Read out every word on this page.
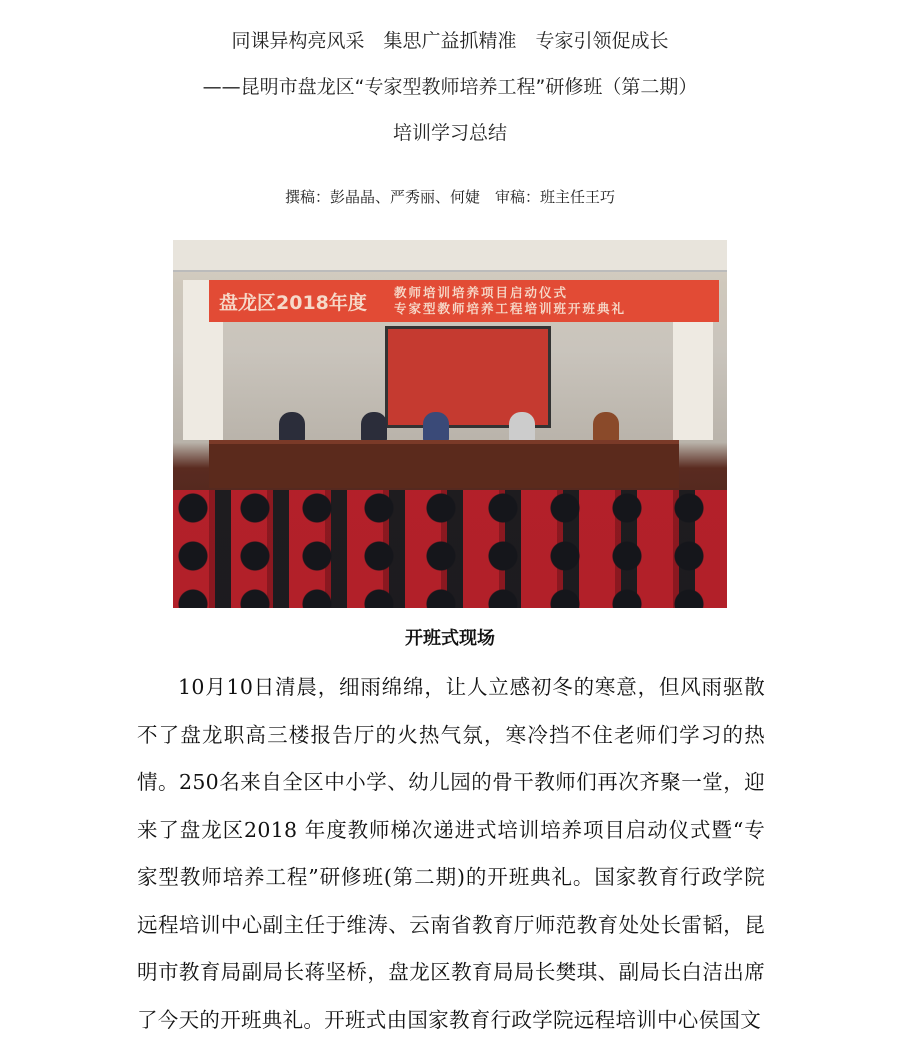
同课异构亮风采　集思广益抓精准　专家引领促成长
——昆明市盘龙区“专家型教师培养工程”研修班（第二期）
培训学习总结
撰稿：彭晶晶、严秀丽、何婕　审稿：班主任王巧
盘龙区2018年度	教师培训培养项目启动仪式
专家型教师培养工程培训班开班典礼
开班式现场
10月10日清晨，细雨绵绵，让人立感初冬的寒意，但风雨驱散不了盘龙职高三楼报告厅的火热气氛，寒冷挡不住老师们学习的热情。250名来自全区中小学、幼儿园的骨干教师们再次齐聚一堂，迎来了盘龙区2018 年度教师梯次递进式培训培养项目启动仪式暨“专家型教师培养工程”研修班(第二期)的开班典礼。国家教育行政学院远程培训中心副主任于维涛、云南省教育厅师范教育处处长雷韬，昆明市教育局副局长蒋坚桥，盘龙区教育局局长樊琪、副局长白洁出席了今天的开班典礼。开班式由国家教育行政学院远程培训中心侯国文
